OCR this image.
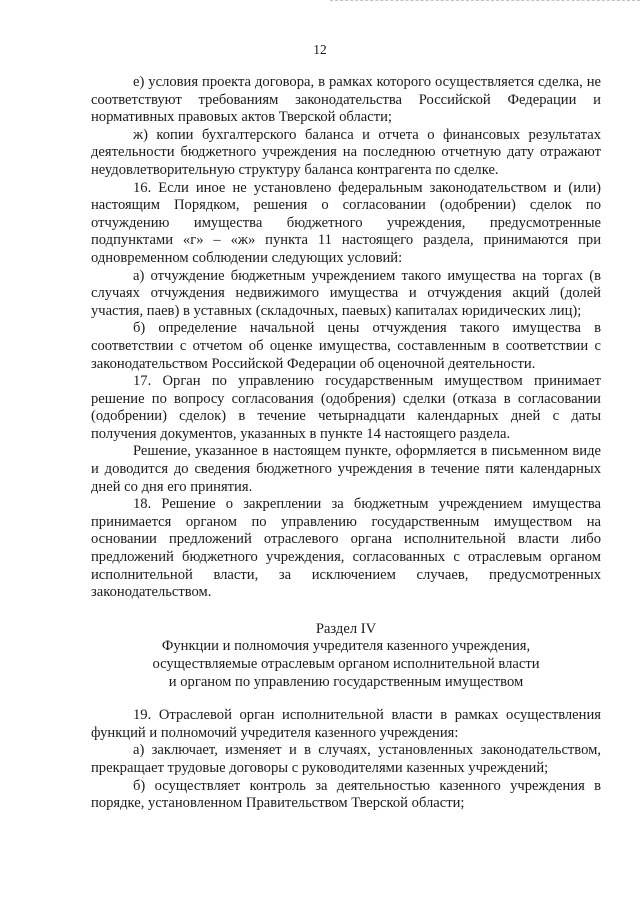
12

е) условия проекта договора, в рамках которого осуществляется сделка, не соответствуют требованиям законодательства Российской Федерации и нормативных правовых актов Тверской области;

ж) копии бухгалтерского баланса и отчета о финансовых результатах деятельности бюджетного учреждения на последнюю отчетную дату отражают неудовлетворительную структуру баланса контрагента по сделке.

16. Если иное не установлено федеральным законодательством и (или) настоящим Порядком, решения о согласовании (одобрении) сделок по отчуждению имущества бюджетного учреждения, предусмотренные подпунктами «г» – «ж» пункта 11 настоящего раздела, принимаются при одновременном соблюдении следующих условий:

а) отчуждение бюджетным учреждением такого имущества на торгах (в случаях отчуждения недвижимого имущества и отчуждения акций (долей участия, паев) в уставных (складочных, паевых) капиталах юридических лиц);

б) определение начальной цены отчуждения такого имущества в соответствии с отчетом об оценке имущества, составленным в соответствии с законодательством Российской Федерации об оценочной деятельности.

17. Орган по управлению государственным имуществом принимает решение по вопросу согласования (одобрения) сделки (отказа в согласовании (одобрении) сделок) в течение четырнадцати календарных дней с даты получения документов, указанных в пункте 14 настоящего раздела.

Решение, указанное в настоящем пункте, оформляется в письменном виде и доводится до сведения бюджетного учреждения в течение пяти календарных дней со дня его принятия.

18. Решение о закреплении за бюджетным учреждением имущества принимается органом по управлению государственным имуществом на основании предложений отраслевого органа исполнительной власти либо предложений бюджетного учреждения, согласованных с отраслевым органом исполнительной власти, за исключением случаев, предусмотренных законодательством.

Раздел IV
Функции и полномочия учредителя казенного учреждения,
осуществляемые отраслевым органом исполнительной власти
и органом по управлению государственным имуществом

19. Отраслевой орган исполнительной власти в рамках осуществления функций и полномочий учредителя казенного учреждения:

а) заключает, изменяет и в случаях, установленных законодательством, прекращает трудовые договоры с руководителями казенных учреждений;

б) осуществляет контроль за деятельностью казенного учреждения в порядке, установленном Правительством Тверской области;
